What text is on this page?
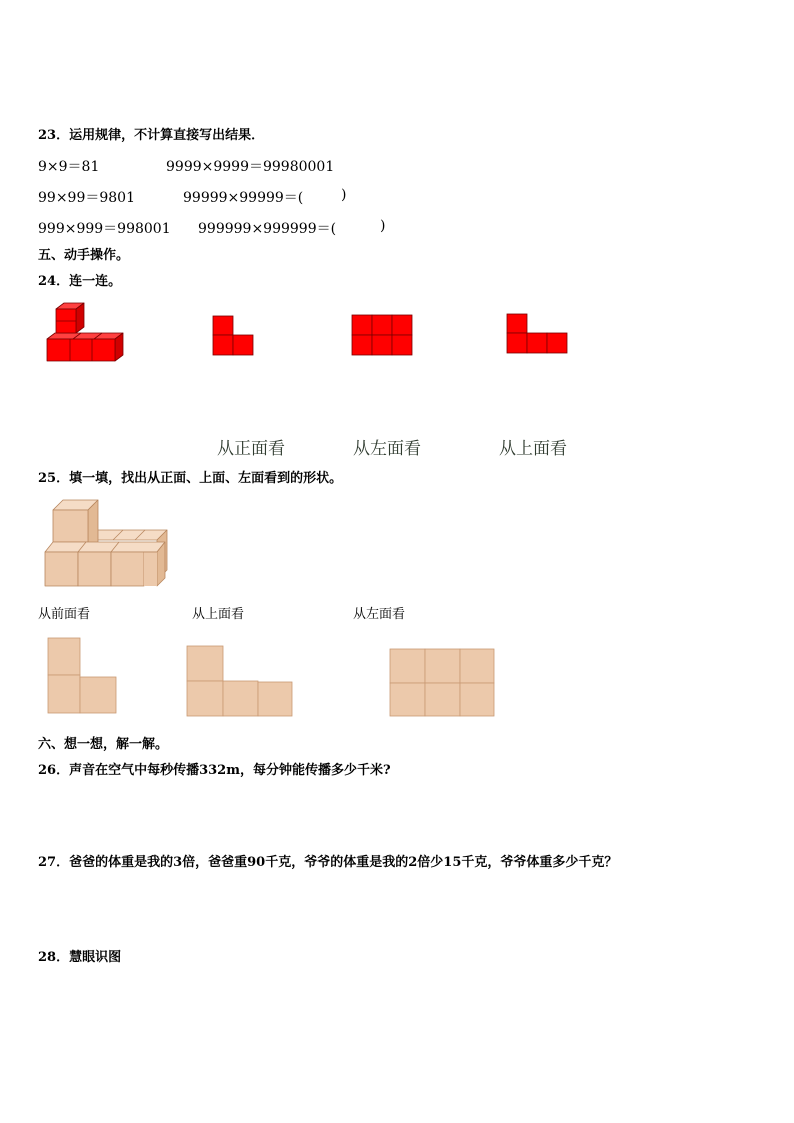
23．运用规律，不计算直接写出结果．
9×9＝81	9999×9999＝99980001
99×99＝9801	99999×99999＝(	)
999×999＝998001 999999×999999＝(	)
五、动手操作。
24．连一连。
从正面看	从左面看	从上面看
25．填一填，找出从正面、上面、左面看到的形状。
从前面看	从上面看	从左面看
六、想一想，解一解。
26．声音在空气中每秒传播332m，每分钟能传播多少千米?
27．爸爸的体重是我的3倍，爸爸重90千克，爷爷的体重是我的2倍少15千克，爷爷体重多少千克？
28．慧眼识图
